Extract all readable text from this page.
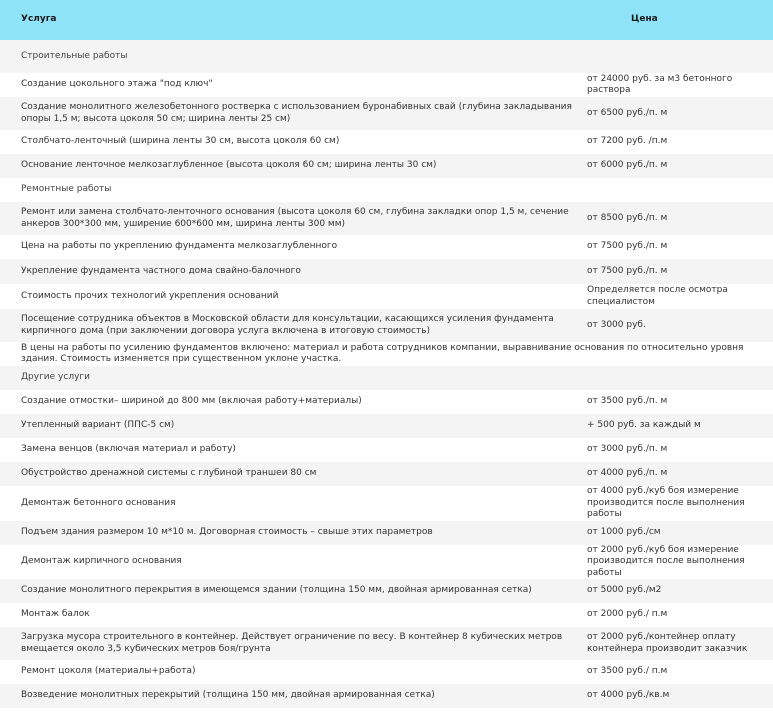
Услуга	Цена
Строительные работы	
Создание цокольного этажа "под ключ"	от 24000 руб. за м3 бетонного раствора
Создание монолитного железобетонного ростверка с использованием буронабивных свай (глубина закладывания опоры 1,5 м; высота цоколя 50 см; ширина ленты 25 см)	от 6500 руб./п. м
Столбчато-ленточный (ширина ленты 30 см, высота цоколя 60 см)	от 7200 руб. /п.м
Основание ленточное мелкозаглубленное (высота цоколя 60 см; ширина ленты 30 см)	от 6000 руб./п. м
Ремонтные работы	
Ремонт или замена столбчато-ленточного основания (высота цоколя 60 см, глубина закладки опор 1,5 м, сечение анкеров 300*300 мм, уширение 600*600 мм, ширина ленты 300 мм)	от 8500 руб./п. м
Цена на работы по укреплению фундамента мелкозаглубленного	от 7500 руб./п. м
Укрепление фундамента частного дома свайно-балочного	от 7500 руб./п. м
Стоимость прочих технологий укрепления оснований	Определяется после осмотра специалистом
Посещение сотрудника объектов в Московской области для консультации, касающихся усиления фундамента кирпичного дома (при заключении договора услуга включена в итоговую стоимость)	от 3000 руб.
В цены на работы по усилению фундаментов включено: материал и работа сотрудников компании, выравнивание основания по относительно уровня здания. Стоимость изменяется при существенном уклоне участка.	
Другие услуги	
Создание отмостки– шириной до 800 мм (включая работу+материалы)	от 3500 руб./п. м
Утепленный вариант (ППС-5 см)	+ 500 руб. за каждый м
Замена венцов (включая материал и работу)	от 3000 руб./п. м
Обустройство дренажной системы с глубиной траншеи 80 см	от 4000 руб./п. м
Демонтаж бетонного основания	от 4000 руб./куб боя измерение производится после выполнения работы
Подъем здания размером 10 м*10 м. Договорная стоимость – свыше этих параметров	от 1000 руб./см
Демонтаж кирпичного основания	от 2000 руб./куб боя измерение производится после выполнения работы
Создание монолитного перекрытия в имеющемся здании (толщина 150 мм, двойная армированная сетка)	от 5000 руб./м2
Монтаж балок	от 2000 руб./ п.м
Загрузка мусора строительного в контейнер. Действует ограничение по весу. В контейнер 8 кубических метров вмещается около 3,5 кубических метров боя/грунта	от 2000 руб./контейнер оплату контейнера производит заказчик
Ремонт цоколя (материалы+работа)	от 3500 руб./ п.м
Возведение монолитных перекрытий (толщина 150 мм, двойная армированная сетка)	от 4000 руб./кв.м
